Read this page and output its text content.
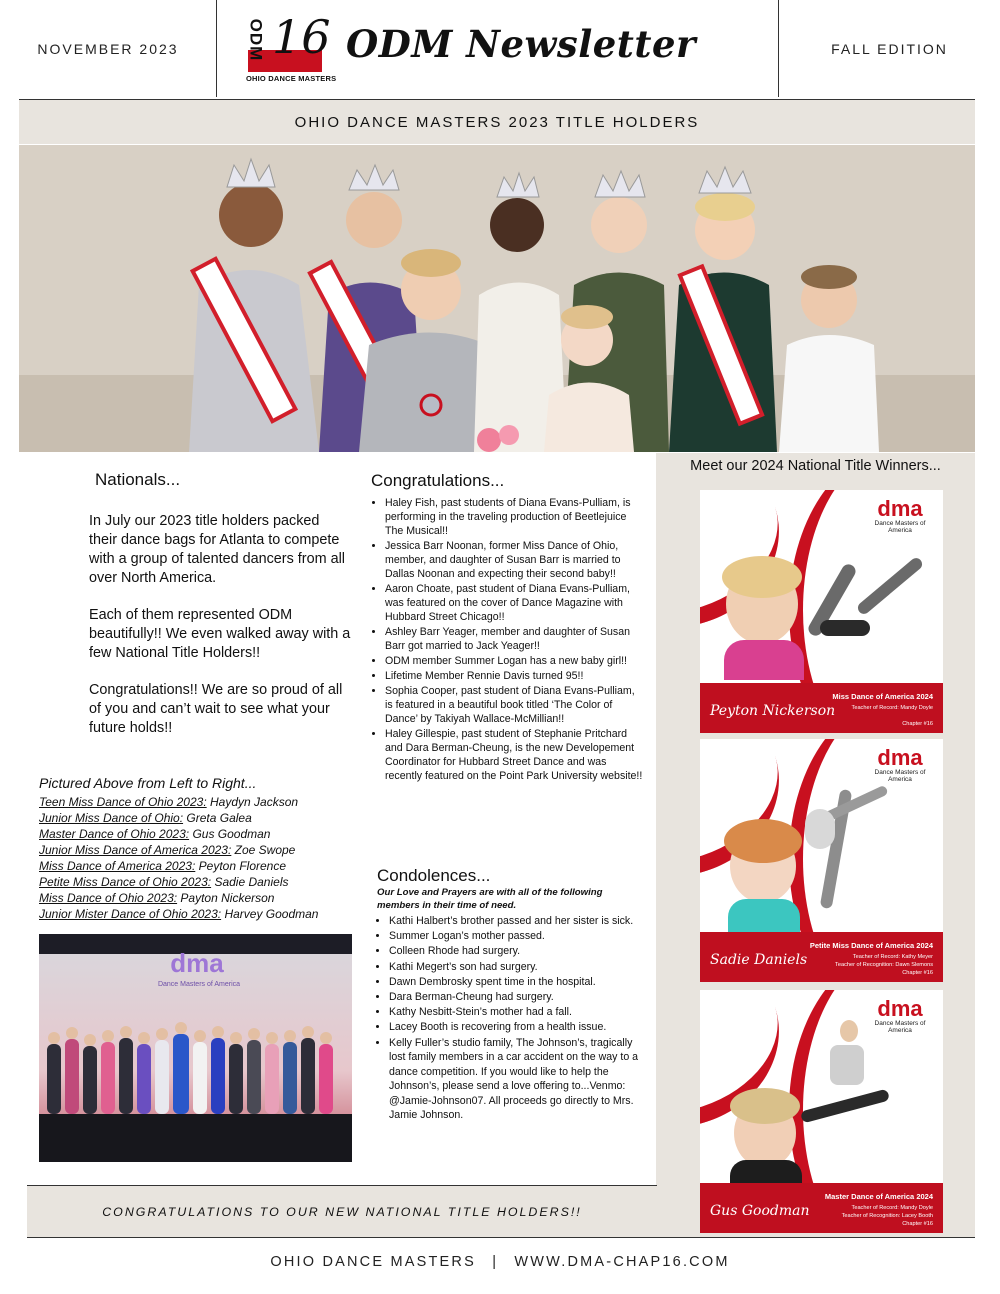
NOVEMBER 2023	ODM 16
OHIO DANCE MASTERS
ODM Newsletter	FALL EDITION
OHIO DANCE MASTERS 2023 TITLE HOLDERS
Nationals...

In July our 2023 title holders packed their dance bags for Atlanta to compete with a group of talented dancers from all over North America.

Each of them represented ODM beautifully!! We even walked away with a few National Title Holders!!

Congratulations!! We are so proud of all of you and can’t wait to see what your future holds!!

Pictured Above from Left to Right...
Teen Miss Dance of Ohio 2023: Haydyn Jackson
Junior Miss Dance of Ohio: Greta Galea
Master Dance of Ohio 2023: Gus Goodman
Junior Miss Dance of America 2023: Zoe Swope
Miss Dance of America 2023: Peyton Florence
Petite Miss Dance of Ohio 2023: Sadie Daniels
Miss Dance of Ohio 2023: Payton Nickerson
Junior Mister Dance of Ohio 2023: Harvey Goodman
dma
Dance Masters of America
Congratulations...
• Haley Fish, past students of Diana Evans-Pulliam, is performing in the traveling production of Beetlejuice The Musical!!
• Jessica Barr Noonan, former Miss Dance of Ohio, member, and daughter of Susan Barr is married to Dallas Noonan and expecting their second baby!!
• Aaron Choate, past student of Diana Evans-Pulliam, was featured on the cover of Dance Magazine with Hubbard Street Chicago!!
• Ashley Barr Yeager, member and daughter of Susan Barr got married to Jack Yeager!!
• ODM member Summer Logan has a new baby girl!!
• Lifetime Member Rennie Davis turned 95!!
• Sophia Cooper, past student of Diana Evans-Pulliam, is featured in a beautiful book titled ‘The Color of Dance’ by Takiyah Wallace-McMillian!!
• Haley Gillespie, past student of Stephanie Pritchard and Dara Berman-Cheung, is the new Developement Coordinator for Hubbard Street Dance and was recently featured on the Point Park University website!!
Condolences...
Our Love and Prayers are with all of the following members in their time of need.
• Kathi Halbert’s brother passed and her sister is sick.
• Summer Logan’s mother passed.
• Colleen Rhode had surgery.
• Kathi Megert’s son had surgery.
• Dawn Dembrosky spent time in the hospital.
• Dara Berman-Cheung had surgery.
• Kathy Nesbitt-Stein’s mother had a fall.
• Lacey Booth is recovering from a health issue.
• Kelly Fuller’s studio family, The Johnson’s, tragically lost family members in a car accident on the way to a dance competition. If you would like to help the Johnson’s, please send a love offering to...Venmo: @Jamie-Johnson07. All proceeds go directly to Mrs. Jamie Johnson.
Meet our 2024 National Title Winners...
dma
Dance Masters of America
Peyton Nickerson
Miss Dance of America 2024
Teacher of Record: Mandy Doyle
Chapter #16
dma
Dance Masters of America
Sadie Daniels
Petite Miss Dance of America 2024
Teacher of Record: Kathy Meyer
Teacher of Recognition: Dawn Slemons
Chapter #16
dma
Dance Masters of America
Gus Goodman
Master Dance of America 2024
Teacher of Record: Mandy Doyle
Teacher of Recognition: Lacey Booth
Chapter #16
CONGRATULATIONS TO OUR NEW NATIONAL TITLE HOLDERS!!
OHIO DANCE MASTERS | WWW.DMA-CHAP16.COM
